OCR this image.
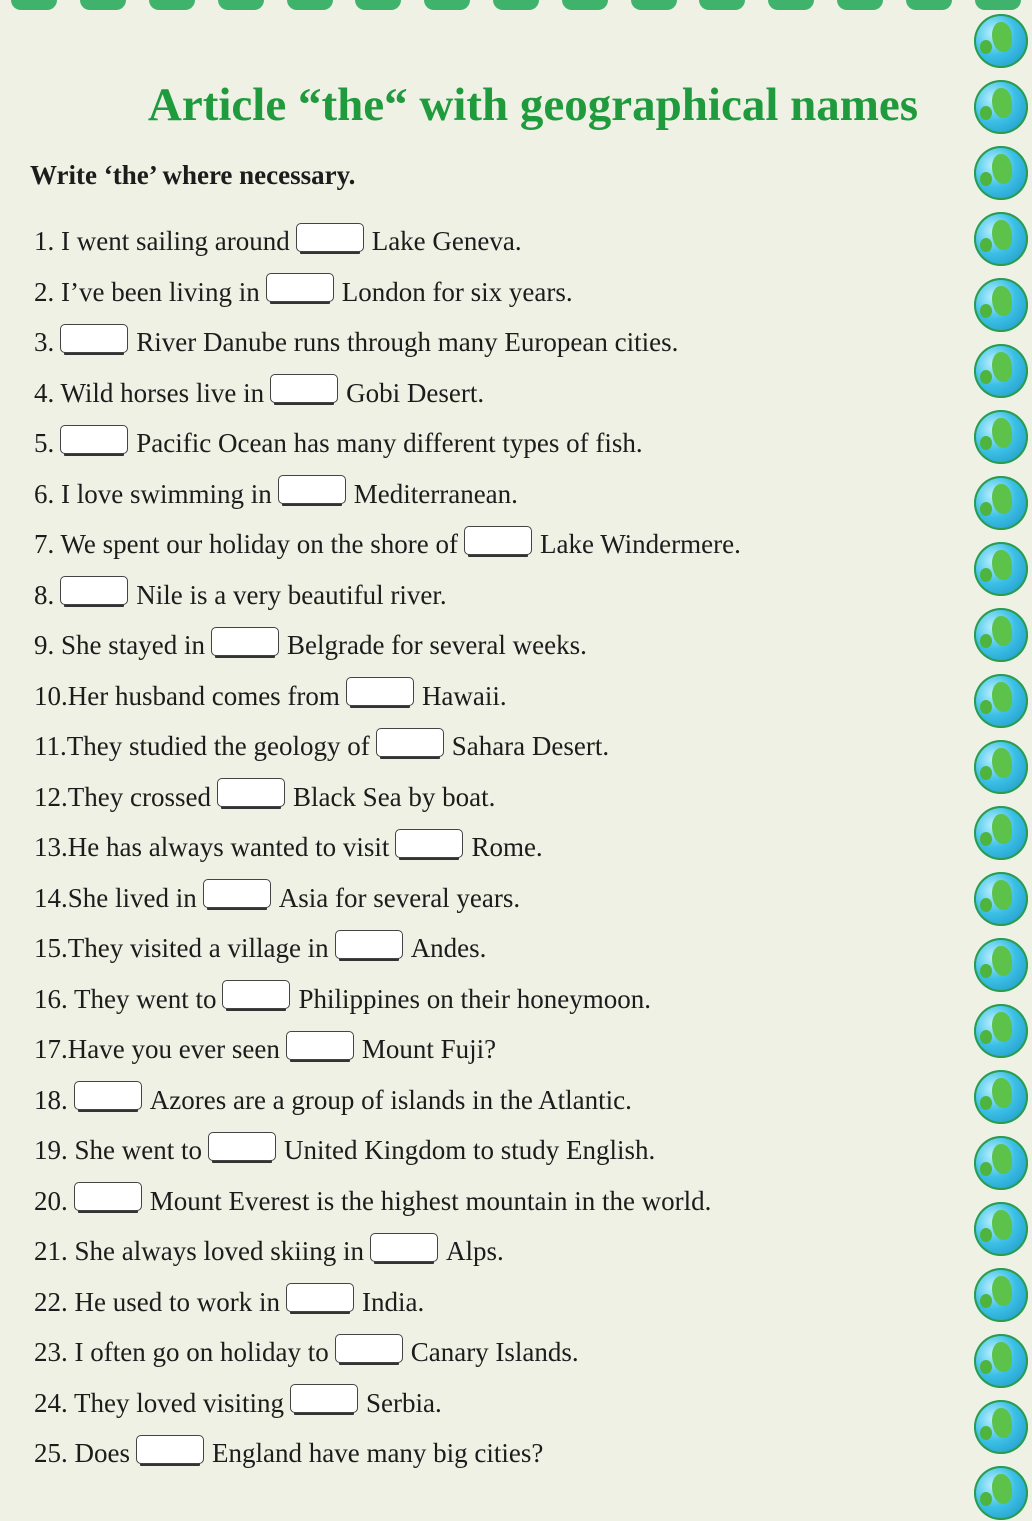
Article “the“ with geographical names

Write ‘the’ where necessary.

1. I went sailing around	Lake Geneva.
2. I’ve been living in	London for six years.
3.	River Danube runs through many European cities.
4. Wild horses live in	Gobi Desert.
5.	Pacific Ocean has many different types of fish.
6. I love swimming in	Mediterranean.
7. We spent our holiday on the shore of	Lake Windermere.
8.	Nile is a very beautiful river.
9. She stayed in	Belgrade for several weeks.
10.Her husband comes from	Hawaii.
11.They studied the geology of	Sahara Desert.
12.They crossed	Black Sea by boat.
13.He has always wanted to visit	Rome.
14.She lived in	Asia for several years.
15.They visited a village in	Andes.
16. They went to	Philippines on their honeymoon.
17.Have you ever seen	Mount Fuji?
18.	Azores are a group of islands in the Atlantic.
19. She went to	United Kingdom to study English.
20.	Mount Everest is the highest mountain in the world.
21. She always loved skiing in	Alps.
22. He used to work in	India.
23. I often go on holiday to	Canary Islands.
24. They loved visiting	Serbia.
25. Does	England have many big cities?
